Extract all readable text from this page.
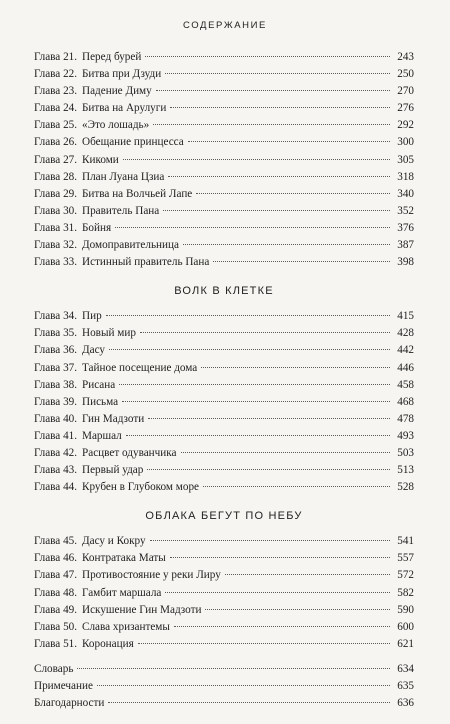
СОДЕРЖАНИЕ
Глава 21. Перед бурей	243
Глава 22. Битва при Дзуди	250
Глава 23. Падение Диму	270
Глава 24. Битва на Арулуги	276
Глава 25. «Это лошадь»	292
Глава 26. Обещание принцесса	300
Глава 27. Кикоми	305
Глава 28. План Луана Цзиа	318
Глава 29. Битва на Волчьей Лапе	340
Глава 30. Правитель Пана	352
Глава 31. Бойня	376
Глава 32. Домоправительница	387
Глава 33. Истинный правитель Пана	398
ВОЛК В КЛЕТКЕ
Глава 34. Пир	415
Глава 35. Новый мир	428
Глава 36. Дасу	442
Глава 37. Тайное посещение дома	446
Глава 38. Рисана	458
Глава 39. Письма	468
Глава 40. Гин Мадзоти	478
Глава 41. Маршал	493
Глава 42. Расцвет одуванчика	503
Глава 43. Первый удар	513
Глава 44. Крубен в Глубоком море	528
ОБЛАКА БЕГУТ ПО НЕБУ
Глава 45. Дасу и Кокру	541
Глава 46. Контратака Маты	557
Глава 47. Противостояние у реки Лиру	572
Глава 48. Гамбит маршала	582
Глава 49. Искушение Гин Мадзоти	590
Глава 50. Слава хризантемы	600
Глава 51. Коронация	621
Словарь	634
Примечание	635
Благодарности	636
